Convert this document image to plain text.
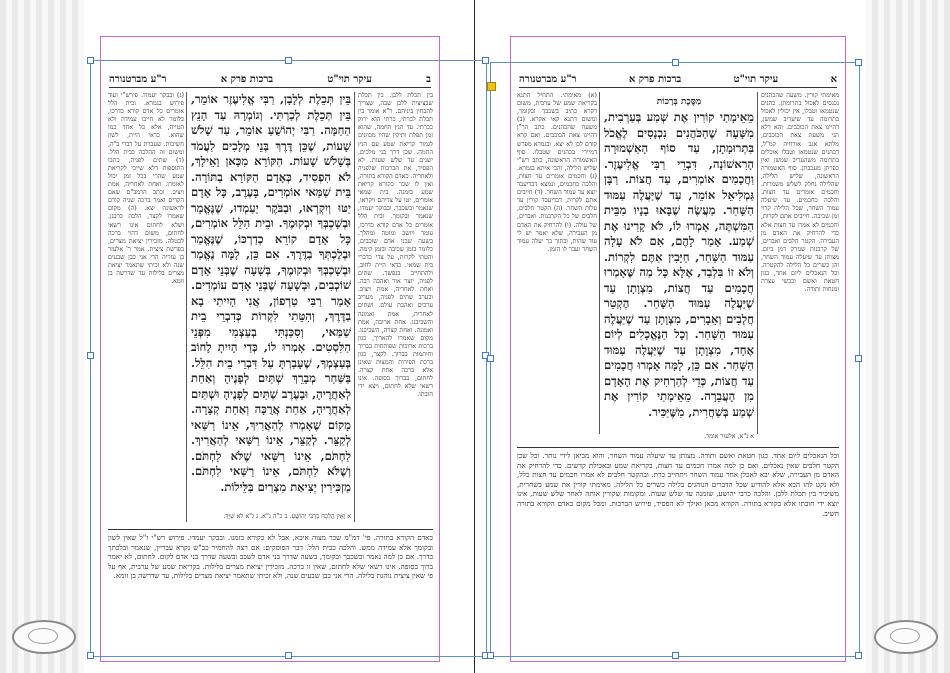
ב
עיקר תוי"ט
ברכות פרק א
ר"ע מברטנורה
בין תכלת ללבן. בין תכלת שבציצית ללבן שבה, שצריך להבחין ביניהם. ר"א אומר בין תכלת לכרתי, כרתי הוא ירוק ככרתי. עד הנץ החמה, שהוא זמן תפלת ותיקין שהיו מכוונים לגמור קריאת שמע עם הנץ החמה. שכן דרך בני מלכים, ישנים עד שלש שעות. לא הפסיד, את הברכות שלפניה ולאחריה. כאדם הקורא בתורה, ואין לו שכר כקורא קריאת שמע בזמנה. בית שמאי אומרים, יטו על צדיהם ויקראו, שנאמר ובשכבך. ובבוקר יעמדו, שנאמר ובקומך. ובית הלל אומרים כל אדם קורא כדרכו, עומד ויושב ומוטה ומהלך. בשעה שבני אדם שוכבים, כלומר בזמן שכיבה ובזמן קימה. והטתי לקרות, על צדי כדברי בית שמאי. כדאי היית לחוב, ולהתחייב בנפשך. שתים לפניה, יוצר אור ואהבה רבה. ואחת לאחריה, אמת ויציב. ובערב שתים לפניה, מעריב ערבים ואהבת עולם. ושתים לאחריה, אמת ואמונה והשכיבנו. אחת ארוכה, אמת ואמונה. ואחת קצרה, השכיבנו. מקום שאמרו להאריך, כגון ברכות ארוכות שפותחות בברוך וחותמות בברוך. לקצר, כגון ברכת הפירות והמצות שאינן אלא ברכה אחת קצרה. לחתום, בברוך בסופה. אינו רשאי שלא לחתום, ויצא ידי חובתו.
בֵּין תְּכֵלֶת לְלָבָן, רַבִּי אֱלִיעֶזֶר אוֹמֵר, בֵּין תְּכֵלֶת לְכַרְתִּי. וְגוֹמְרָהּ עַד הָנֵץ הַחַמָּה. רַבִּי יְהוֹשֻׁעַ אוֹמֵר, עַד שָׁלֹשׁ שָׁעוֹת, שֶׁכֵּן דֶּרֶךְ בְּנֵי מְלָכִים לַעֲמֹד בְּשָׁלֹשׁ שָׁעוֹת. הַקּוֹרֵא מִכָּאן וָאֵילָךְ, לֹא הִפְסִיד, כְּאָדָם הַקּוֹרֵא בַתּוֹרָה. בֵּית שַׁמַּאי אוֹמְרִים, בָּעֶרֶב, כָּל אָדָם יַטּוּ וְיִקְרְאוּ, וּבַבֹּקֶר יַעַמְדוּ, שֶׁנֶּאֱמַר וּבְשָׁכְבְּךָ וּבְקוּמֶךָ. וּבֵית הִלֵּל אוֹמְרִים, כָּל אָדָם קוֹרֵא כְדַרְכּוֹ, שֶׁנֶּאֱמַר וּבְלֶכְתְּךָ בַדֶּרֶךְ. אִם כֵּן, לָמָּה נֶאֱמַר וּבְשָׁכְבְּךָ וּבְקוּמֶךָ, בְּשָׁעָה שֶׁבְּנֵי אָדָם שׁוֹכְבִים, וּבְשָׁעָה שֶׁבְּנֵי אָדָם עוֹמְדִים. אָמַר רַבִּי טַרְפוֹן, אֲנִי הָיִיתִי בָא בַדֶּרֶךְ, וְהִטֵּתִי לִקְרוֹת כְּדִבְרֵי בֵית שַׁמַּאי, וְסִכַּנְתִּי בְעַצְמִי מִפְּנֵי הַלִּסְטִים. אָמְרוּ לוֹ, כְּדַי הָיִיתָ לָחוֹב בְּעַצְמְךָ, שֶׁעָבַרְתָּ עַל דִּבְרֵי בֵית הִלֵּל. בַּשַּׁחַר מְבָרֵךְ שְׁתַּיִם לְפָנֶיהָ וְאַחַת לְאַחֲרֶיהָ, וּבָעֶרֶב שְׁתַּיִם לְפָנֶיהָ וּשְׁתַּיִם לְאַחֲרֶיהָ, אַחַת אֲרֻכָּה וְאַחַת קְצָרָה. מָקוֹם שֶׁאָמְרוּ לְהַאֲרִיךְ, אֵינוֹ רַשַּׁאי לְקַצֵּר. לְקַצֵּר, אֵינוֹ רַשַּׁאי לְהַאֲרִיךְ. לַחְתֹּם, אֵינוֹ רַשַּׁאי שֶׁלֹּא לַחְתֹּם. וְשֶׁלֹּא לַחְתֹּם, אֵינוֹ רַשַּׁאי לַחְתֹּם. מַזְכִּירִין יְצִיאַת מִצְרַיִם בַּלֵּילוֹת.
א וְאֵין הֲלָכָה כְּרַבִּי יְהוֹשֻׁעַ. ב כ"ה נ"א. ג ג"א לא שַׁיָּךְ.
(ג) ובבקר יעמדו. פירש"י ועוד פירוש בגמרא. ובית הלל אומרים כל אדם קורא כדרכו, כלומר לא חייבו עמידה ולא הטייה, אלא כל אחד כמו שהוא. כדאי היית, לשון חשיבות. שעברת על דברי ב"ה, ומשום זה ההלכה כבית הלל. (ד) שתים לפניה, כתבו התוספות דלא שייכי לקריאת שמע שהרי בכל זמן יכול לאומרן. ואחת לאחריה, אמת ויציב. וכתב הרמב"ם שאם הקדים ואמר ברכה שניה קודם לראשונה יצא. (ה) מקום שאמרו לקצר, הלכה כרבנן. ושלא לחתום אינו רשאי לחתום, משום דהוי ברכה לבטלה. מזכירין יציאת מצרים, בפרשת ציצית. אמר ר' אלעזר בן עזריה הרי אני כבן שבעים שנה ולא זכיתי שתאמר יציאת מצרים בלילות עד שדרשה בן זומא.
כאדם הקורא בתורה. פי' דמ"מ שכר מצוה איכא, אבל לא כקורא בזמנו. ובבקר יעמדו. פירוש רש"י ז"ל שאין לשון ובקומך אלא עמידה ממש. והלכה כבית הלל. דבר הפוסקים: אם רצה להחמיר כב"ש נקרא עבריין, שנאמר ובלכתך בדרך. אם כן למה נאמר ובשכבך ובקומך, בשעה שדרך בני אדם לשכב ובשעה שדרך בני אדם לקום. לחתום, לא יאמר ברוך בסופה. אינו רשאי שלא לחתום, שאין זו ברכה. מזכירין יציאת מצרים בלילות. בקריאת שמע של ערבית, אף על פי שאין ציצית נוהגת בלילה. הרי אני כבן שבעים שנה, ולא זכיתי שתאמר יציאת מצרים בלילות, עד שדרשה בן זומא.
א
עיקר תוי"ט
ברכות פרק א
ר"ע מברטנורה
מאימתי קורין. משעה שהכהנים נכנסים לאכול בתרומתן. כהנים שנטמאו וטבלו, אין יכולין לאכול בתרומה עד שיעריב שמשן, דהיינו צאת הכוכבים. והא דלא תני משעת צאת הכוכבים, מלתא אגב אורחיה קמ"ל, דכהנים שנטמאו וטבלו אוכלים בתרומה משהעריב שמשן ואין כפרתן מעכבתן. סוף האשמורה הראשונה, שליש הלילה, שהלילה נחלק לשלש משמרות. וחכמים אומרים עד חצות. והלכה כחכמים. עד שיעלה עמוד השחר, שכל הלילה קרוי זמן שכיבה. חייבים אתם לקרות, וחכמים לא אמרו עד חצות אלא כדי להרחיק את האדם מן העבירה. הקטר חלבים ואברים, של קרבנות שנזרק דמן ביום. מצותן עד שיעלה עמוד השחר, והן כשרים כל הלילה להקטרה. וכל הנאכלים ליום אחד, כגון חטאת ואשם וכבשי עצרת ומנחות ותודה.
מַסֶּכֶת בְּרָכוֹת
מֵאֵימָתַי קוֹרִין אֶת שְׁמַע בְּעַרְבִית, מִשָּׁעָה שֶׁהַכֹּהֲנִים נִכְנָסִים לֶאֱכֹל בִּתְרוּמָתָן, עַד סוֹף הָאַשְׁמוּרָה הָרִאשׁוֹנָה, דִּבְרֵי רַבִּי אֱלִיעֶזֶר. וַחֲכָמִים אוֹמְרִים, עַד חֲצוֹת. רַבָּן גַּמְלִיאֵל אוֹמֵר, עַד שֶׁיַּעֲלֶה עַמּוּד הַשָּׁחַר. מַעֲשֶׂה שֶׁבָּאוּ בָנָיו מִבֵּית הַמִּשְׁתֶּה, אָמְרוּ לוֹ, לֹא קָרִינוּ אֶת שְׁמַע. אָמַר לָהֶם, אִם לֹא עָלָה עַמּוּד הַשַּׁחַר, חַיָּבִין אַתֶּם לִקְרוֹת. וְלֹא זוֹ בִּלְבַד, אֶלָּא כָּל מַה שֶּׁאָמְרוּ חֲכָמִים עַד חֲצוֹת, מִצְוָתָן עַד שֶׁיַּעֲלֶה עַמּוּד הַשָּׁחַר. הֶקְטֵר חֲלָבִים וְאֵבָרִים, מִצְוָתָן עַד שֶׁיַּעֲלֶה עַמּוּד הַשָּׁחַר. וְכָל הַנֶּאֱכָלִים לְיוֹם אֶחָד, מִצְוָתָן עַד שֶׁיַּעֲלֶה עַמּוּד הַשָּׁחַר. אִם כֵּן, לָמָּה אָמְרוּ חֲכָמִים עַד חֲצוֹת, כְּדֵי לְהַרְחִיק אֶת הָאָדָם מִן הָעֲבֵרָה. מֵאֵימָתַי קוֹרִין אֶת שְׁמַע בְּשַׁחֲרִית, מִשֶּׁיַּכִּיר.
א נ"א, אלעזר אומר.
(א) מאימתי. התחיל התנא בקריאת שמע של ערבית, משום דקרא כתיב בשכבך ובקומך, ומשום דתנא קאי אקרא. (ב) משעה שהכהנים. כתב הר"ן דהיינו צאת הכוכבים. ואם קרא קודם לכן לא יצא. ובגמרא מפרש דמיירי בכהנים שטבלו. סוף האשמורה הראשונה, כתב רש"י שליש הלילה, והכי איתא בגמרא. (ג) וחכמים אומרים עד חצות, והלכה כחכמים, ונמצא דבדיעבד יוצא עד עמוד השחר. (ד) חייבים אתם לקרות, דבדיעבד קורין עד עלות השחר. (ה) הקטר חלבים, חלבים של כל הקרבנות. ואברים, של עולה. (ו) להרחיק את האדם מן העבירה, שלא יאמר יש לי עוד שהות, ובתוך כך יעלה עמוד השחר ועבר לו הזמן.
וכל הנאכלים ליום אחד. כגון חטאת ואשם ותודה. מצותן עד שיעלה עמוד השחר, והוא מביאן לידי נותר. וכל שכן הקטר חלבים שאין נאכלים. ואם כן למה אמרו חכמים עד חצות, בקריאת שמע ובאכילת קדשים. כדי להרחיק את האדם מן העבירה, שלא יבא לאכלן אחר עמוד השחר ויתחייב כרת. ובהקטר חלבים לא אמרו חכמים עד חצות כלל, ולא נקט להו הכא אלא להודיע שכל הדברים הנוהגים בלילה כשרים כל הלילה. מאימתי קורין את שמע בשחרית, משיכיר בין תכלת ללבן. והלכה כרבי יהושע, שזמנה עד שלש שעות. ומקומות שקורין אותה לאחר שלש שעות, אינו יוצא ידי חובתו אלא כקורא בתורה. הקורא מכאן ואילך לא הפסיד, פירוש הברכות. ומכל מקום כאדם הקורא בתורה חשיב.
